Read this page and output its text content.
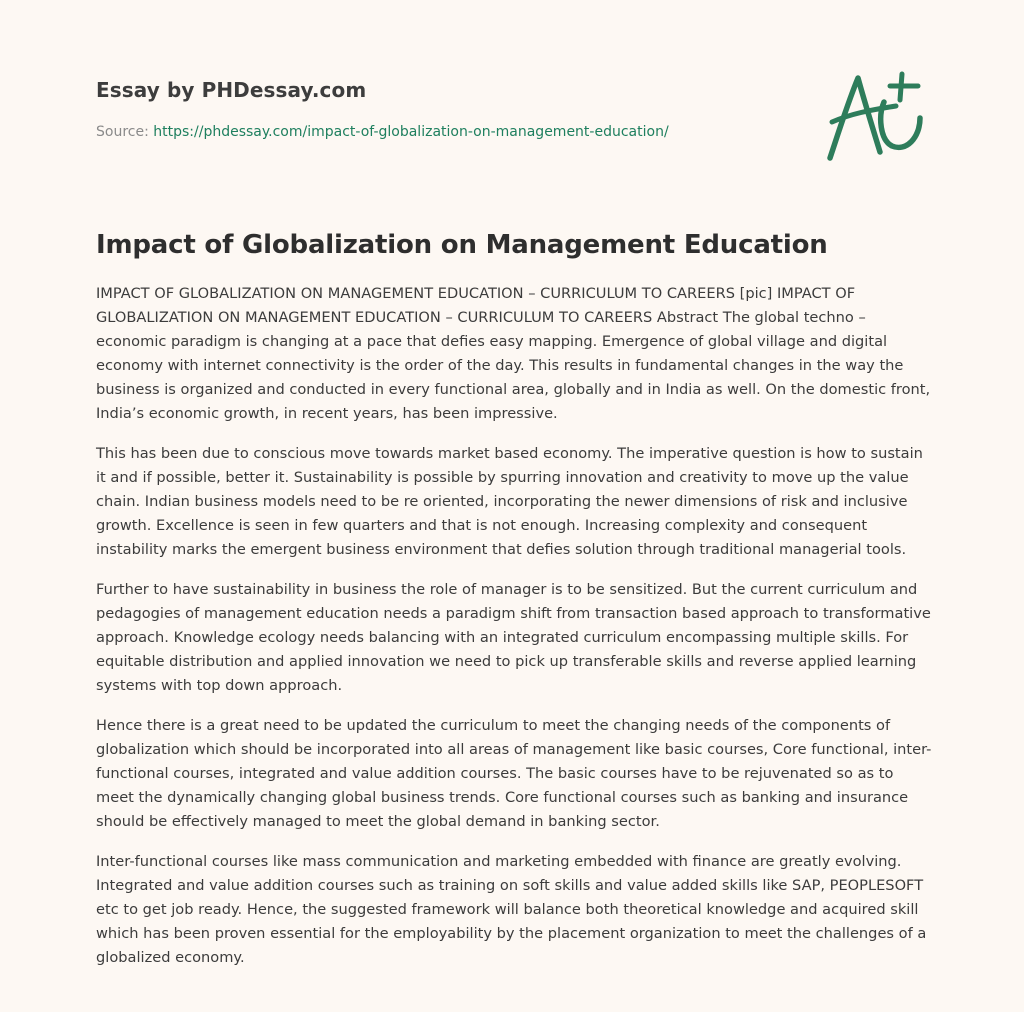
Essay by PHDessay.com
Source: https://phdessay.com/impact-of-globalization-on-management-education/
Impact of Globalization on Management Education

IMPACT OF GLOBALIZATION ON MANAGEMENT EDUCATION – CURRICULUM TO CAREERS [pic] IMPACT OF GLOBALIZATION ON MANAGEMENT EDUCATION – CURRICULUM TO CAREERS Abstract The global techno – economic paradigm is changing at a pace that defies easy mapping. Emergence of global village and digital economy with internet connectivity is the order of the day. This results in fundamental changes in the way the business is organized and conducted in every functional area, globally and in India as well. On the domestic front, India’s economic growth, in recent years, has been impressive.

This has been due to conscious move towards market based economy. The imperative question is how to sustain it and if possible, better it. Sustainability is possible by spurring innovation and creativity to move up the value chain. Indian business models need to be re oriented, incorporating the newer dimensions of risk and inclusive growth. Excellence is seen in few quarters and that is not enough. Increasing complexity and consequent instability marks the emergent business environment that defies solution through traditional managerial tools.

Further to have sustainability in business the role of manager is to be sensitized. But the current curriculum and pedagogies of management education needs a paradigm shift from transaction based approach to transformative approach. Knowledge ecology needs balancing with an integrated curriculum encompassing multiple skills. For equitable distribution and applied innovation we need to pick up transferable skills and reverse applied learning systems with top down approach.

Hence there is a great need to be updated the curriculum to meet the changing needs of the components of globalization which should be incorporated into all areas of management like basic courses, Core functional, inter-functional courses, integrated and value addition courses. The basic courses have to be rejuvenated so as to meet the dynamically changing global business trends. Core functional courses such as banking and insurance should be effectively managed to meet the global demand in banking sector.

Inter-functional courses like mass communication and marketing embedded with finance are greatly evolving. Integrated and value addition courses such as training on soft skills and value added skills like SAP, PEOPLESOFT etc to get job ready. Hence, the suggested framework will balance both theoretical knowledge and acquired skill which has been proven essential for the employability by the placement organization to meet the challenges of a globalized economy.
